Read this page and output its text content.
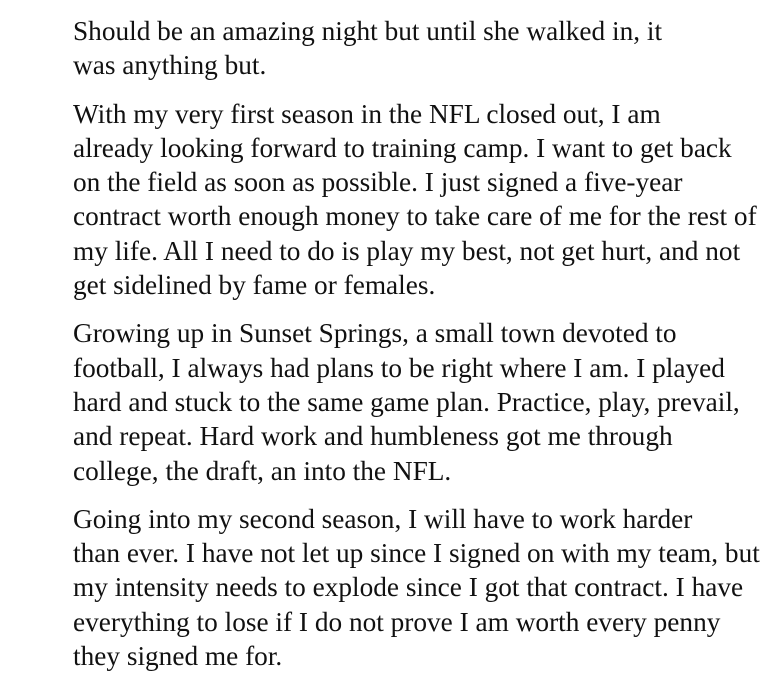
Should be an amazing night but until she walked in, it
was anything but.

With my very first season in the NFL closed out, I am
already looking forward to training camp. I want to get back
on the field as soon as possible. I just signed a five-year
contract worth enough money to take care of me for the rest of
my life. All I need to do is play my best, not get hurt, and not
get sidelined by fame or females.

Growing up in Sunset Springs, a small town devoted to
football, I always had plans to be right where I am. I played
hard and stuck to the same game plan. Practice, play, prevail,
and repeat. Hard work and humbleness got me through
college, the draft, an into the NFL.

Going into my second season, I will have to work harder
than ever. I have not let up since I signed on with my team, but
my intensity needs to explode since I got that contract. I have
everything to lose if I do not prove I am worth every penny
they signed me for.
